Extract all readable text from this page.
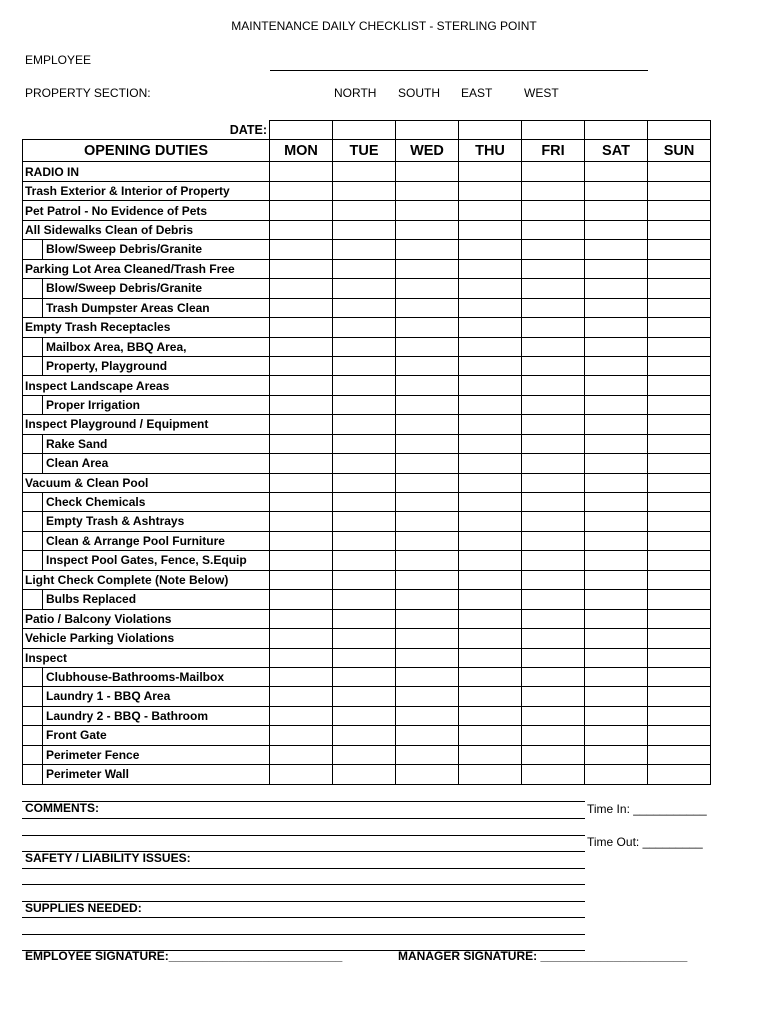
MAINTENANCE DAILY CHECKLIST - STERLING POINT
EMPLOYEE
PROPERTY SECTION:	NORTH SOUTH EAST	WEST
DATE:							
OPENING DUTIES	MON	TUE	WED	THU	FRI	SAT	SUN
RADIO IN							

Trash Exterior & Interior of Property							

Pet Patrol - No Evidence of Pets							

All Sidewalks Clean of Debris							

Blow/Sweep Debris/Granite							

Parking Lot Area Cleaned/Trash Free							

Blow/Sweep Debris/Granite							

Trash Dumpster Areas Clean							

Empty Trash Receptacles							

Mailbox Area, BBQ Area,							

Property, Playground							

Inspect Landscape Areas							

Proper Irrigation							

Inspect Playground / Equipment							

Rake Sand							

Clean Area							

Vacuum & Clean Pool							

Check Chemicals							

Empty Trash & Ashtrays							

Clean & Arrange Pool Furniture							

Inspect Pool Gates, Fence, S.Equip							

Light Check Complete (Note Below)							

Bulbs Replaced							

Patio / Balcony Violations							

Vehicle Parking Violations							

Inspect							

Clubhouse-Bathrooms-Mailbox							

Laundry 1 - BBQ Area							

Laundry 2 - BBQ - Bathroom							

Front Gate							

Perimeter Fence							

Perimeter Wall							

COMMENTS:	Time In: ___________
Time Out: _________
SAFETY / LIABILITY ISSUES:
SUPPLIES NEEDED:
EMPLOYEE SIGNATURE:__________________________	MANAGER SIGNATURE: ______________________
